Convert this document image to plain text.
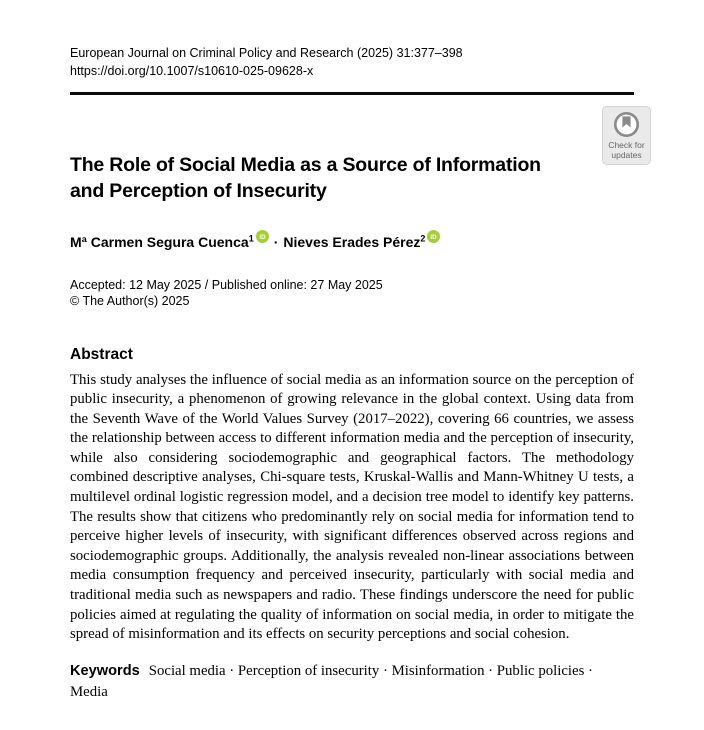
European Journal on Criminal Policy and Research (2025) 31:377–398
https://doi.org/10.1007/s10610-025-09628-x
Check for
updates
The Role of Social Media as a Source of Information
and Perception of Insecurity
Mª Carmen Segura Cuenca$^1$ iD · Nieves Erades Pérez$^2$ iD
Accepted: 12 May 2025 / Published online: 27 May 2025
© The Author(s) 2025
Abstract

This study analyses the influence of social media as an information source on the perception of public insecurity, a phenomenon of growing relevance in the global context. Using data from the Seventh Wave of the World Values Survey (2017–2022), covering 66 countries, we assess the relationship between access to different information media and the perception of insecurity, while also considering sociodemographic and geographical factors. The methodology combined descriptive analyses, Chi-square tests, Kruskal-Wallis and Mann-Whitney U tests, a multilevel ordinal logistic regression model, and a decision tree model to identify key patterns. The results show that citizens who predominantly rely on social media for information tend to perceive higher levels of insecurity, with significant differences observed across regions and sociodemographic groups. Additionally, the analysis revealed non-linear associations between media consumption frequency and perceived insecurity, particularly with social media and traditional media such as newspapers and radio. These findings underscore the need for public policies aimed at regulating the quality of information on social media, in order to mitigate the spread of misinformation and its effects on security perceptions and social cohesion.

Keywords Social media · Perception of insecurity · Misinformation · Public policies · Media
